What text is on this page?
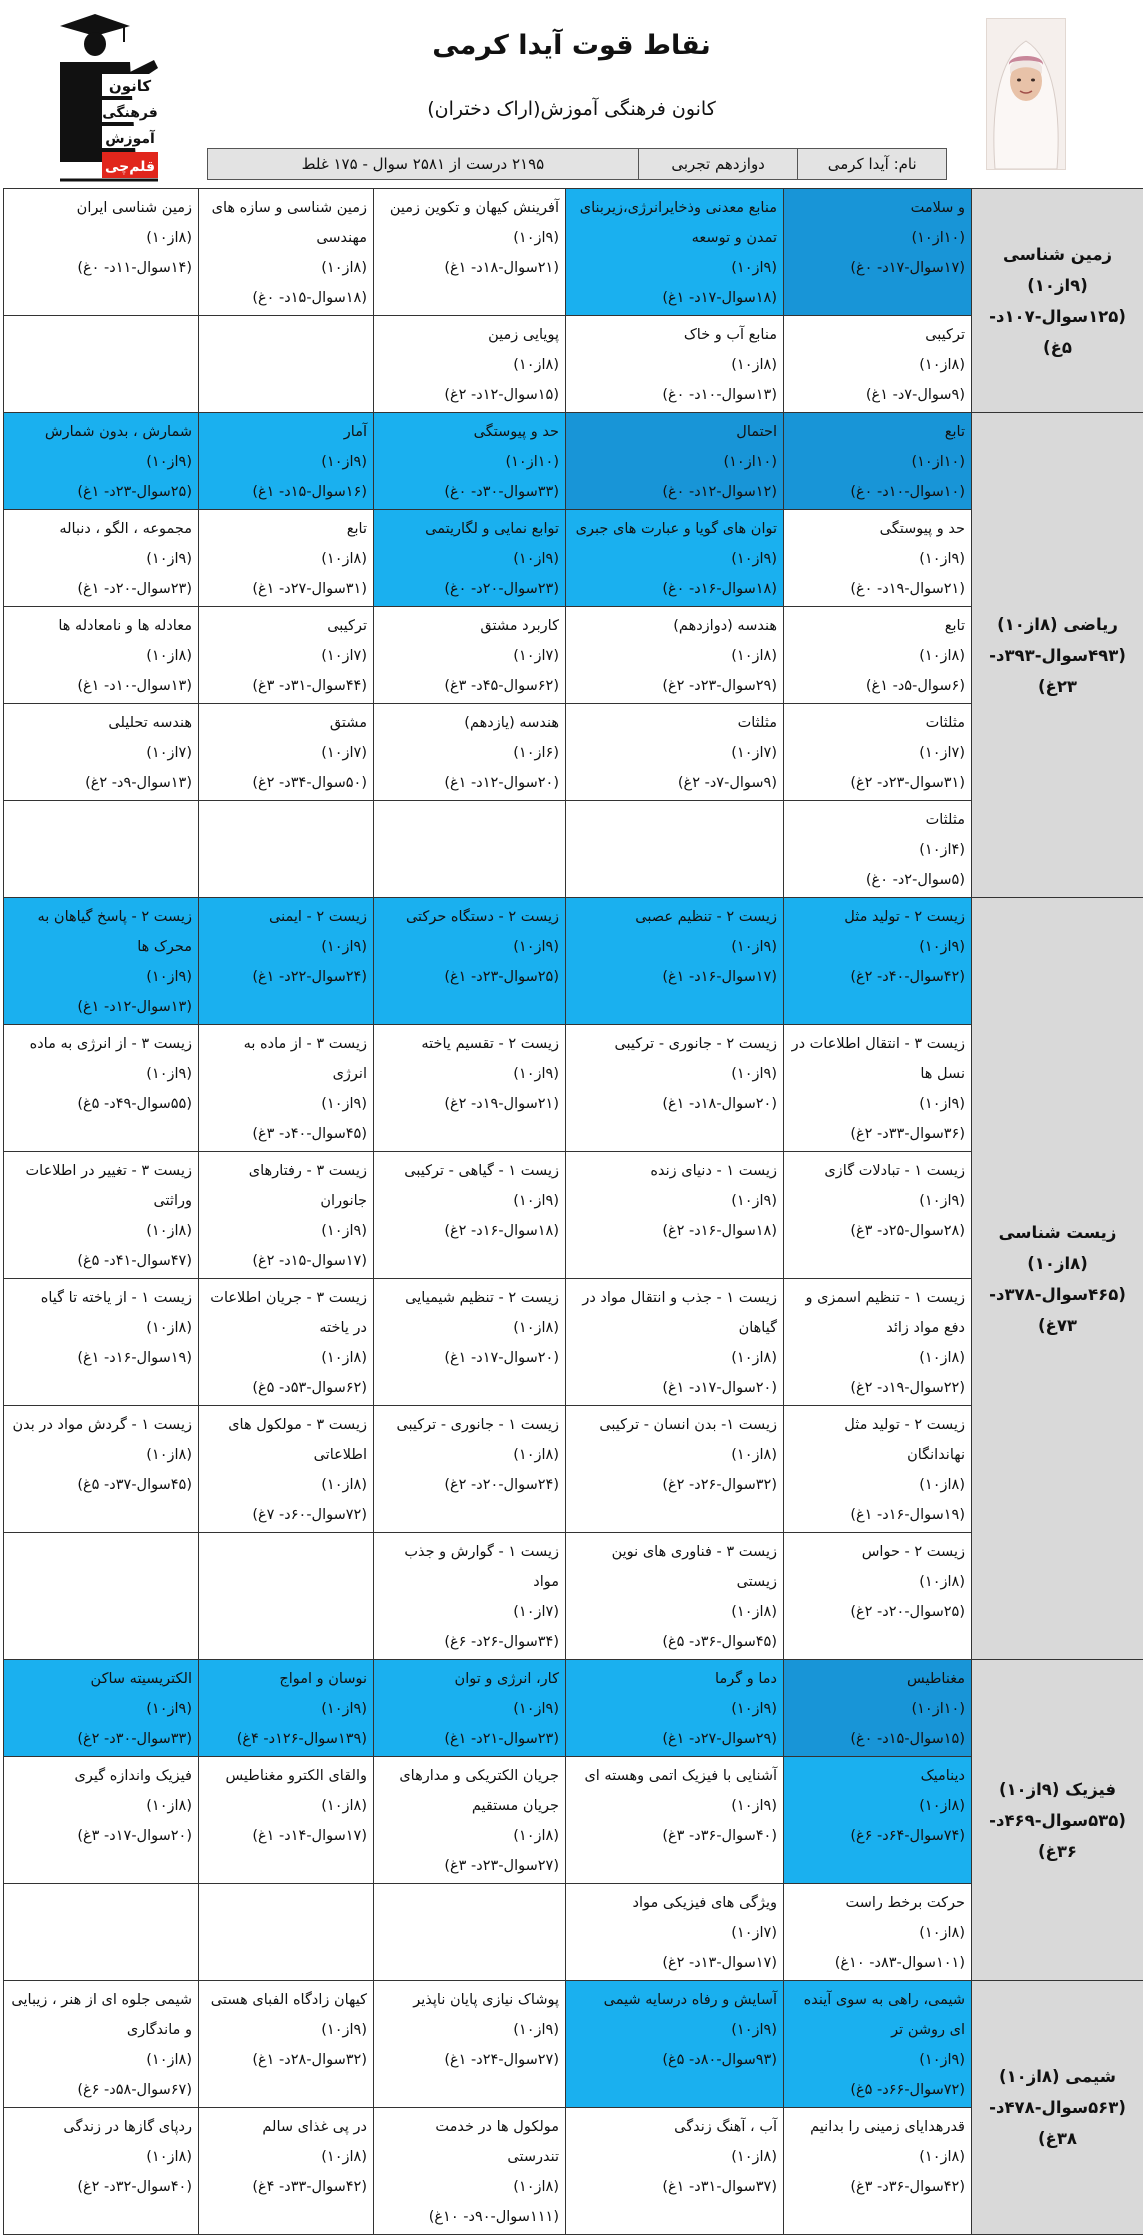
کانون
فرهنگی
آموزش
قلم‌چی
نقاط قوت آیدا کرمی
کانون فرهنگی آموزش(اراک دختران)
نام: آیدا کرمی
دوازدهم تجربی
۲۱۹۵ درست از ۲۵۸۱ سوال - ۱۷۵ غلط
زمین شناسی (۹از۱۰) (۱۲۵سوال-۱۰۷د- ۵غ)	و سلامت
(۱۰از۱۰)
(۱۷سوال-۱۷د- ۰غ)	منابع معدنی وذخایرانرژی،زیربنای تمدن و توسعه
(۹از۱۰)
(۱۸سوال-۱۷د- ۱غ)	آفرینش کیهان و تکوین زمین
(۹از۱۰)
(۲۱سوال-۱۸د- ۱غ)	زمین شناسی و سازه های مهندسی
(۸از۱۰)
(۱۸سوال-۱۵د- ۰غ)	زمین شناسی ایران
(۸از۱۰)
(۱۴سوال-۱۱د- ۰غ)

	ترکیبی
(۸از۱۰)
(۹سوال-۷د- ۱غ)	منابع آب و خاک
(۸از۱۰)
(۱۳سوال-۱۰د- ۰غ)	پویایی زمین
(۸از۱۰)
(۱۵سوال-۱۲د- ۲غ)		

ریاضی (۸از۱۰) (۴۹۳سوال-۳۹۳د- ۲۳غ)	تابع
(۱۰از۱۰)
(۱۰سوال-۱۰د- ۰غ)	احتمال
(۱۰از۱۰)
(۱۲سوال-۱۲د- ۰غ)	حد و پیوستگی
(۱۰از۱۰)
(۳۳سوال-۳۰د- ۰غ)	آمار
(۹از۱۰)
(۱۶سوال-۱۵د- ۱غ)	شمارش ، بدون شمارش
(۹از۱۰)
(۲۵سوال-۲۳د- ۱غ)

	حد و پیوستگی
(۹از۱۰)
(۲۱سوال-۱۹د- ۰غ)	توان های گویا و عبارت های جبری
(۹از۱۰)
(۱۸سوال-۱۶د- ۰غ)	توابع نمایی و لگاریتمی
(۹از۱۰)
(۲۳سوال-۲۰د- ۰غ)	تابع
(۸از۱۰)
(۳۱سوال-۲۷د- ۱غ)	مجموعه ، الگو ، دنباله
(۹از۱۰)
(۲۳سوال-۲۰د- ۱غ)

	تابع
(۸از۱۰)
(۶سوال-۵د- ۱غ)	هندسه (دوازدهم)
(۸از۱۰)
(۲۹سوال-۲۳د- ۲غ)	کاربرد مشتق
(۷از۱۰)
(۶۲سوال-۴۵د- ۳غ)	ترکیبی
(۷از۱۰)
(۴۴سوال-۳۱د- ۳غ)	معادله ها و نامعادله ها
(۸از۱۰)
(۱۳سوال-۱۰د- ۱غ)

	مثلثات
(۷از۱۰)
(۳۱سوال-۲۳د- ۲غ)	مثلثات
(۷از۱۰)
(۹سوال-۷د- ۲غ)	هندسه (یازدهم)
(۶از۱۰)
(۲۰سوال-۱۲د- ۱غ)	مشتق
(۷از۱۰)
(۵۰سوال-۳۴د- ۲غ)	هندسه تحلیلی
(۷از۱۰)
(۱۳سوال-۹د- ۲غ)

	مثلثات
(۴از۱۰)
(۵سوال-۲د- ۰غ)				

زیست شناسی (۸از۱۰) (۴۶۵سوال-۳۷۸د- ۷۳غ)	زیست ۲ - تولید مثل
(۹از۱۰)
(۴۲سوال-۴۰د- ۲غ)	زیست ۲ - تنظیم عصبی
(۹از۱۰)
(۱۷سوال-۱۶د- ۱غ)	زیست ۲ - دستگاه حرکتی
(۹از۱۰)
(۲۵سوال-۲۳د- ۱غ)	زیست ۲ - ایمنی
(۹از۱۰)
(۲۴سوال-۲۲د- ۱غ)	زیست ۲ - پاسخ گیاهان به محرک ها
(۹از۱۰)
(۱۳سوال-۱۲د- ۱غ)

	زیست ۳ - انتقال اطلاعات در نسل ها
(۹از۱۰)
(۳۶سوال-۳۳د- ۲غ)	زیست ۲ - جانوری - ترکیبی
(۹از۱۰)
(۲۰سوال-۱۸د- ۱غ)	زیست ۲ - تقسیم یاخته
(۹از۱۰)
(۲۱سوال-۱۹د- ۲غ)	زیست ۳ - از ماده به انرژی
(۹از۱۰)
(۴۵سوال-۴۰د- ۳غ)	زیست ۳ - از انرژی به ماده
(۹از۱۰)
(۵۵سوال-۴۹د- ۵غ)

	زیست ۱ - تبادلات گازی
(۹از۱۰)
(۲۸سوال-۲۵د- ۳غ)	زیست ۱ - دنیای زنده
(۹از۱۰)
(۱۸سوال-۱۶د- ۲غ)	زیست ۱ - گیاهی - ترکیبی
(۹از۱۰)
(۱۸سوال-۱۶د- ۲غ)	زیست ۳ - رفتارهای جانوران
(۹از۱۰)
(۱۷سوال-۱۵د- ۲غ)	زیست ۳ - تغییر در اطلاعات وراثتی
(۸از۱۰)
(۴۷سوال-۴۱د- ۵غ)

	زیست ۱ - تنظیم اسمزی و دفع مواد زائد
(۸از۱۰)
(۲۲سوال-۱۹د- ۲غ)	زیست ۱ - جذب و انتقال مواد در گیاهان
(۸از۱۰)
(۲۰سوال-۱۷د- ۱غ)	زیست ۲ - تنظیم شیمیایی
(۸از۱۰)
(۲۰سوال-۱۷د- ۱غ)	زیست ۳ - جریان اطلاعات در یاخته
(۸از۱۰)
(۶۲سوال-۵۳د- ۵غ)	زیست ۱ - از یاخته تا گیاه
(۸از۱۰)
(۱۹سوال-۱۶د- ۱غ)

	زیست ۲ - تولید مثل نهاندانگان
(۸از۱۰)
(۱۹سوال-۱۶د- ۱غ)	زیست ۱- بدن انسان - ترکیبی
(۸از۱۰)
(۳۲سوال-۲۶د- ۲غ)	زیست ۱ - جانوری - ترکیبی
(۸از۱۰)
(۲۴سوال-۲۰د- ۲غ)	زیست ۳ - مولکول های اطلاعاتی
(۸از۱۰)
(۷۲سوال-۶۰د- ۷غ)	زیست ۱ - گردش مواد در بدن
(۸از۱۰)
(۴۵سوال-۳۷د- ۵غ)

	زیست ۲ - حواس
(۸از۱۰)
(۲۵سوال-۲۰د- ۲غ)	زیست ۳ - فناوری های نوین زیستی
(۸از۱۰)
(۴۵سوال-۳۶د- ۵غ)	زیست ۱ - گوارش و جذب مواد
(۷از۱۰)
(۳۴سوال-۲۶د- ۶غ)		

فیزیک (۹از۱۰) (۵۳۵سوال-۴۶۹د- ۳۶غ)	مغناطیس
(۱۰از۱۰)
(۱۵سوال-۱۵د- ۰غ)	دما و گرما
(۹از۱۰)
(۲۹سوال-۲۷د- ۱غ)	کار، انرژی و توان
(۹از۱۰)
(۲۳سوال-۲۱د- ۱غ)	نوسان و امواج
(۹از۱۰)
(۱۳۹سوال-۱۲۶د- ۴غ)	الکتریسیته ساکن
(۹از۱۰)
(۳۳سوال-۳۰د- ۲غ)

	دینامیک
(۸از۱۰)
(۷۴سوال-۶۴د- ۶غ)	آشنایی با فیزیک اتمی وهسته ای
(۹از۱۰)
(۴۰سوال-۳۶د- ۳غ)	جریان الکتریکی و مدارهای جریان مستقیم
(۸از۱۰)
(۲۷سوال-۲۳د- ۳غ)	والقای الکترو مغناطیس
(۸از۱۰)
(۱۷سوال-۱۴د- ۱غ)	فیزیک واندازه گیری
(۸از۱۰)
(۲۰سوال-۱۷د- ۳غ)

	حرکت برخط راست
(۸از۱۰)
(۱۰۱سوال-۸۳د- ۱۰غ)	ویژگی های فیزیکی مواد
(۷از۱۰)
(۱۷سوال-۱۳د- ۲غ)			

شیمی (۸از۱۰) (۵۶۳سوال-۴۷۸د- ۳۸غ)	شیمی، راهی به سوی آینده ای روشن تر
(۹از۱۰)
(۷۲سوال-۶۶د- ۵غ)	آسایش و رفاه درسایه شیمی
(۹از۱۰)
(۹۳سوال-۸۰د- ۵غ)	پوشاک نیازی پایان ناپذیر
(۹از۱۰)
(۲۷سوال-۲۴د- ۱غ)	کیهان زادگاه الفبای هستی
(۹از۱۰)
(۳۲سوال-۲۸د- ۱غ)	شیمی جلوه ای از هنر ، زیبایی و ماندگاری
(۸از۱۰)
(۶۷سوال-۵۸د- ۶غ)

	قدرهدایای زمینی را بدانیم
(۸از۱۰)
(۴۲سوال-۳۶د- ۳غ)	آب ، آهنگ زندگی
(۸از۱۰)
(۳۷سوال-۳۱د- ۱غ)	مولکول ها در خدمت تندرستی
(۸از۱۰)
(۱۱۱سوال-۹۰د- ۱۰غ)	در پی غذای سالم
(۸از۱۰)
(۴۲سوال-۳۳د- ۴غ)	ردپای گازها در زندگی
(۸از۱۰)
(۴۰سوال-۳۲د- ۲غ)
